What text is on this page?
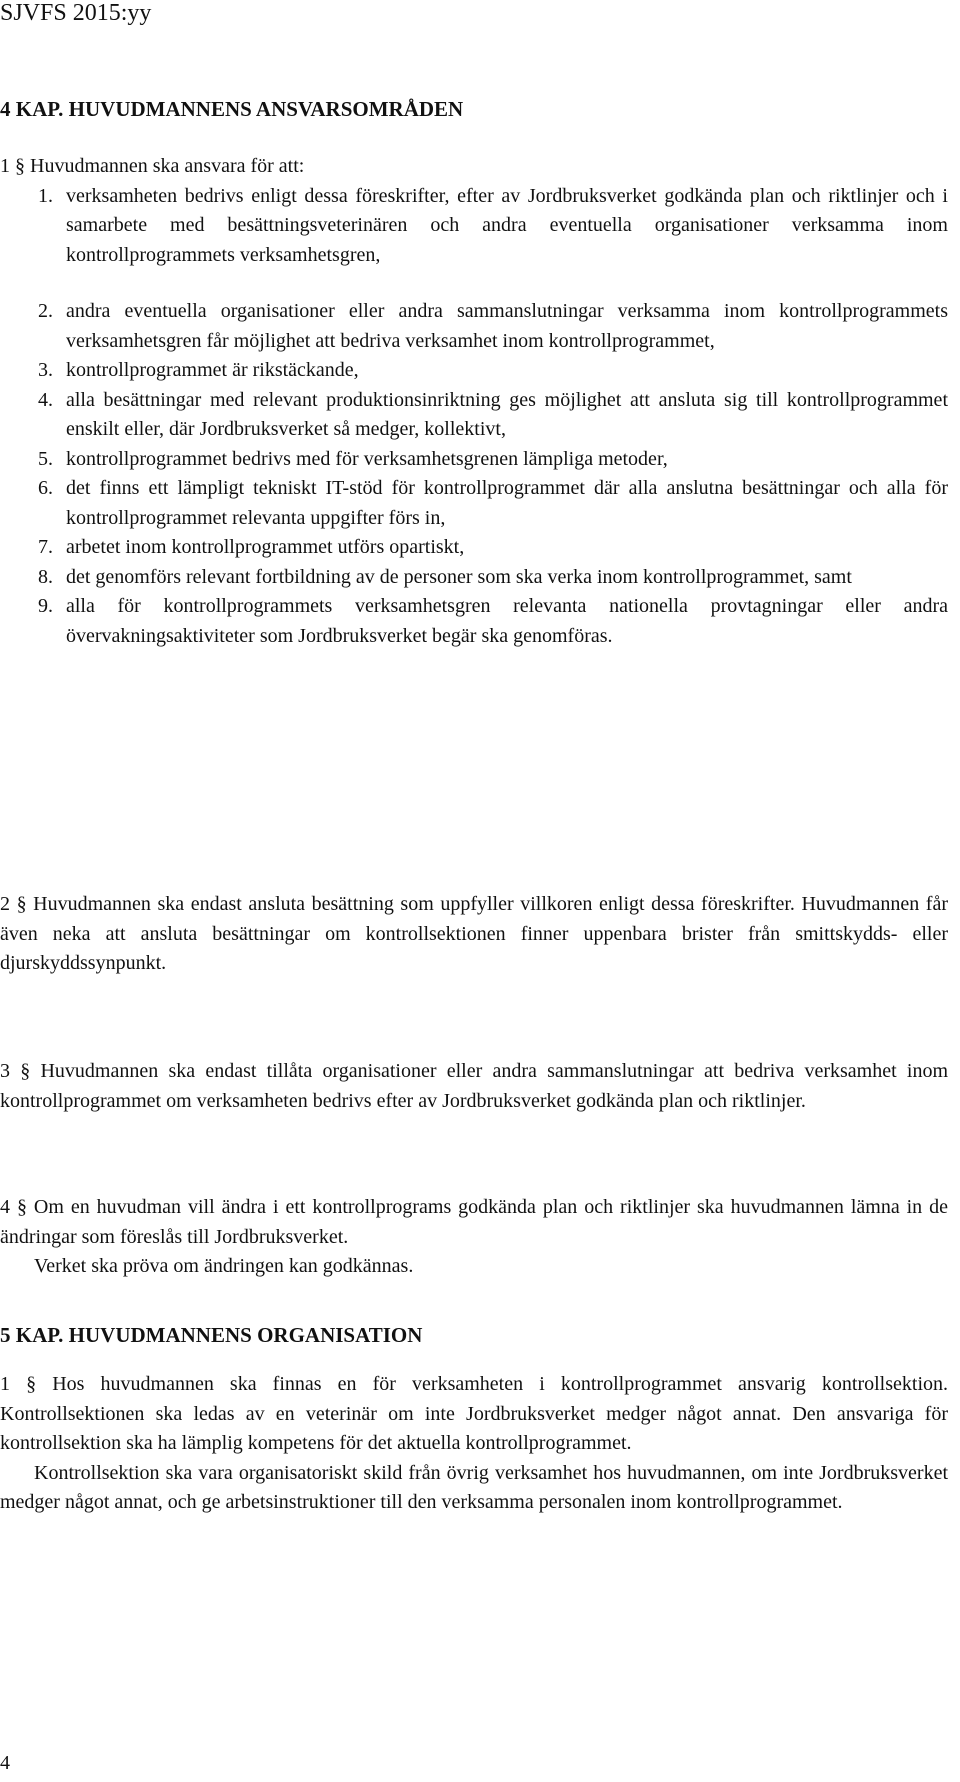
SJVFS 2015:yy
4 KAP. HUVUDMANNENS ANSVARSOMRÅDEN

1 § Huvudmannen ska ansvara för att:

1. verksamheten bedrivs enligt dessa föreskrifter, efter av Jordbruksverket godkända plan och riktlinjer och i samarbete med besättningsveterinären och andra eventuella organisationer verksamma inom kontrollprogrammets verksamhetsgren,
2. andra eventuella organisationer eller andra sammanslutningar verksamma inom kontrollprogrammets verksamhetsgren får möjlighet att bedriva verksamhet inom kontrollprogrammet,
3. kontrollprogrammet är rikstäckande,
4. alla besättningar med relevant produktionsinriktning ges möjlighet att ansluta sig till kontrollprogrammet enskilt eller, där Jordbruksverket så medger, kollektivt,
5. kontrollprogrammet bedrivs med för verksamhetsgrenen lämpliga metoder,
6. det finns ett lämpligt tekniskt IT-stöd för kontrollprogrammet där alla anslutna besättningar och alla för kontrollprogrammet relevanta uppgifter förs in,
7. arbetet inom kontrollprogrammet utförs opartiskt,
8. det genomförs relevant fortbildning av de personer som ska verka inom kontrollprogrammet, samt
9. alla för kontrollprogrammets verksamhetsgren relevanta nationella provtagningar eller andra övervakningsaktiviteter som Jordbruksverket begär ska genomföras.

2 § Huvudmannen ska endast ansluta besättning som uppfyller villkoren enligt dessa föreskrifter. Huvudmannen får även neka att ansluta besättningar om kontrollsektionen finner uppenbara brister från smittskydds- eller djurskyddssynpunkt.

3 § Huvudmannen ska endast tillåta organisationer eller andra sammanslutningar att bedriva verksamhet inom kontrollprogrammet om verksamheten bedrivs efter av Jordbruksverket godkända plan och riktlinjer.

4 § Om en huvudman vill ändra i ett kontrollprograms godkända plan och riktlinjer ska huvudmannen lämna in de ändringar som föreslås till Jordbruksverket.

Verket ska pröva om ändringen kan godkännas.

5 KAP. HUVUDMANNENS ORGANISATION

1 § Hos huvudmannen ska finnas en för verksamheten i kontrollprogrammet ansvarig kontrollsektion. Kontrollsektionen ska ledas av en veterinär om inte Jordbruksverket medger något annat. Den ansvariga för kontrollsektion ska ha lämplig kompetens för det aktuella kontrollprogrammet.

Kontrollsektion ska vara organisatoriskt skild från övrig verksamhet hos huvudmannen, om inte Jordbruksverket medger något annat, och ge arbetsinstruktioner till den verksamma personalen inom kontrollprogrammet.

4
